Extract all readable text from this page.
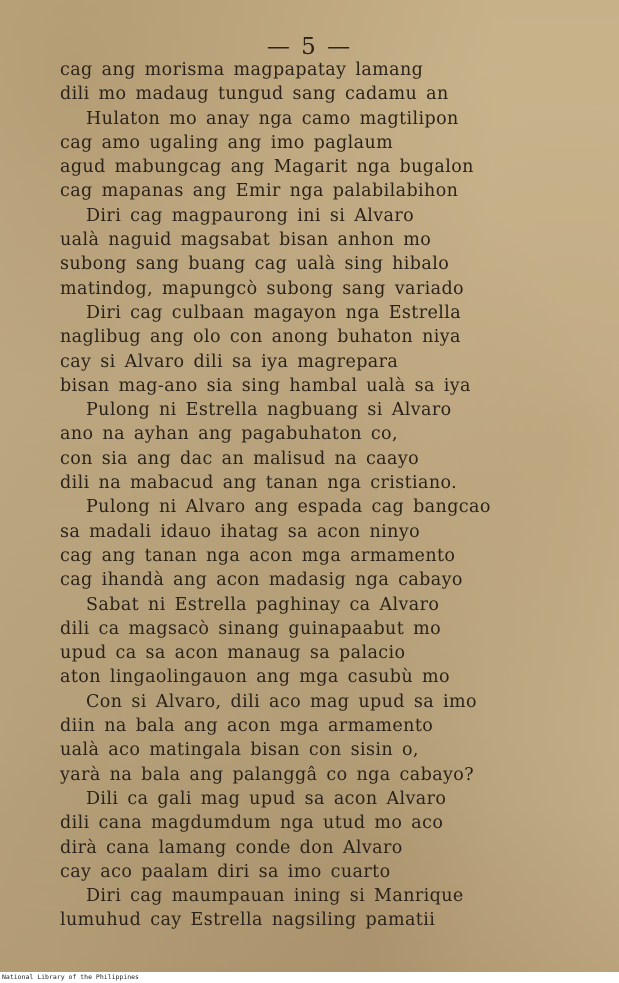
— 5 —
cag ang morisma magpapatay lamang
dili mo madaug tungud sang cadamu an
Hulaton mo anay nga camo magtilipon
cag amo ugaling ang imo paglaum
agud mabungcag ang Magarit nga bugalon
cag mapanas ang Emir nga palabilabihon
Diri cag magpaurong ini si Alvaro
ualà naguid magsabat bisan anhon mo
subong sang buang cag ualà sing hibalo
matindog, mapungcò subong sang variado
Diri cag culbaan magayon nga Estrella
naglibug ang olo con anong buhaton niya
cay si Alvaro dili sa iya magrepara
bisan mag-ano sia sing hambal ualà sa iya
Pulong ni Estrella nagbuang si Alvaro
ano na ayhan ang pagabuhaton co,
con sia ang dac an malisud na caayo
dili na mabacud ang tanan nga cristiano.
Pulong ni Alvaro ang espada cag bangcao
sa madali idauo ihatag sa acon ninyo
cag ang tanan nga acon mga armamento
cag ihandà ang acon madasig nga cabayo
Sabat ni Estrella paghinay ca Alvaro
dili ca magsacò sinang guinapaabut mo
upud ca sa acon manaug sa palacio
aton lingaolingauon ang mga casubù mo
Con si Alvaro, dili aco mag upud sa imo
diin na bala ang acon mga armamento
ualà aco matingala bisan con sisin o,
yarà na bala ang palanggâ co nga cabayo?
Dili ca gali mag upud sa acon Alvaro
dili cana magdumdum nga utud mo aco
dirà cana lamang conde don Alvaro
cay aco paalam diri sa imo cuarto
Diri cag maumpauan ining si Manrique
lumuhud cay Estrella nagsiling pamatii
National Library of the Philippines
